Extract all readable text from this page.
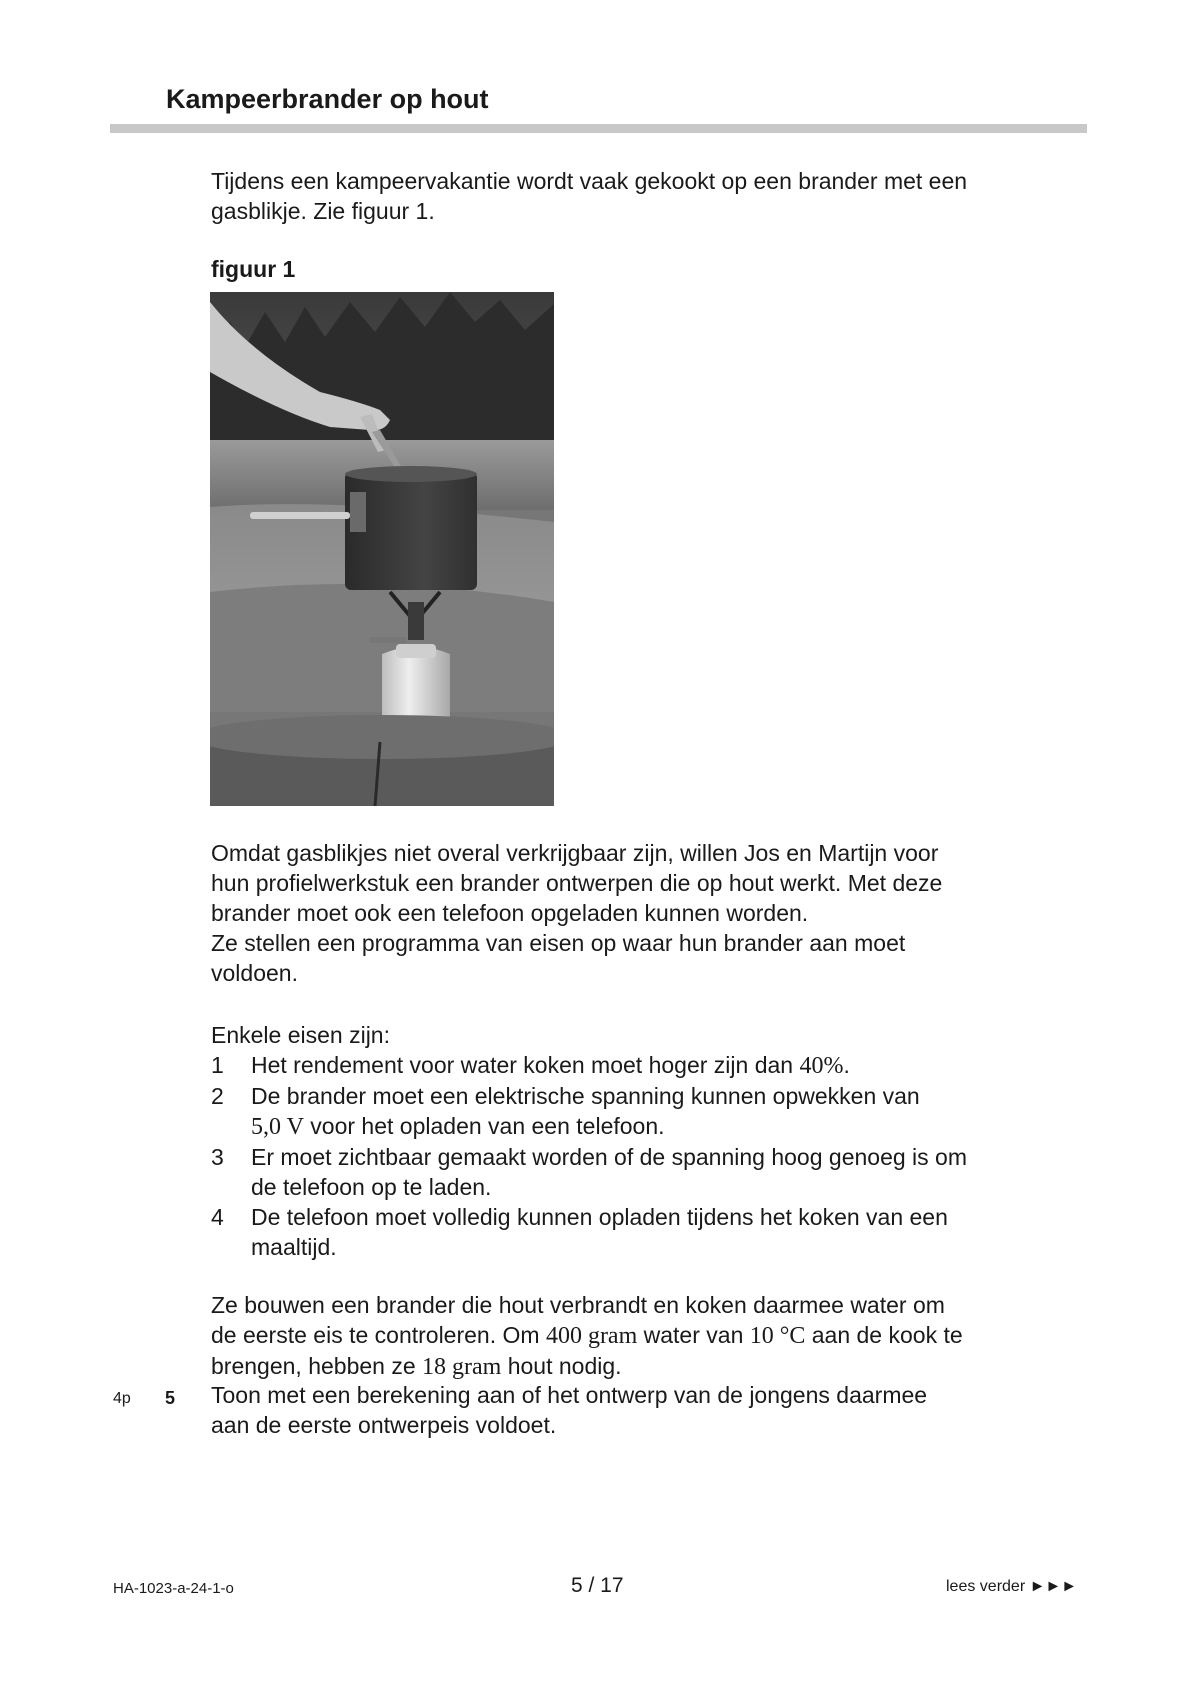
Kampeerbrander op hout

Tijdens een kampeervakantie wordt vaak gekookt op een brander met een
gasblikje. Zie figuur 1.

figuur 1

Omdat gasblikjes niet overal verkrijgbaar zijn, willen Jos en Martijn voor
hun profielwerkstuk een brander ontwerpen die op hout werkt. Met deze
brander moet ook een telefoon opgeladen kunnen worden.
Ze stellen een programma van eisen op waar hun brander aan moet
voldoen.

Enkele eisen zijn:

1	Het rendement voor water koken moet hoger zijn dan 40%.
2	De brander moet een elektrische spanning kunnen opwekken van
5,0 V voor het opladen van een telefoon.
3	Er moet zichtbaar gemaakt worden of de spanning hoog genoeg is om
de telefoon op te laden.
4	De telefoon moet volledig kunnen opladen tijdens het koken van een
maaltijd.

Ze bouwen een brander die hout verbrandt en koken daarmee water om
de eerste eis te controleren. Om 400 gram water van 10 °C aan de kook te
brengen, hebben ze 18 gram hout nodig.

4p 5 Toon met een berekening aan of het ontwerp van de jongens daarmee
aan de eerste ontwerpeis voldoet.

HA-1023-a-24-1-o	5 / 17	lees verder ►►►
